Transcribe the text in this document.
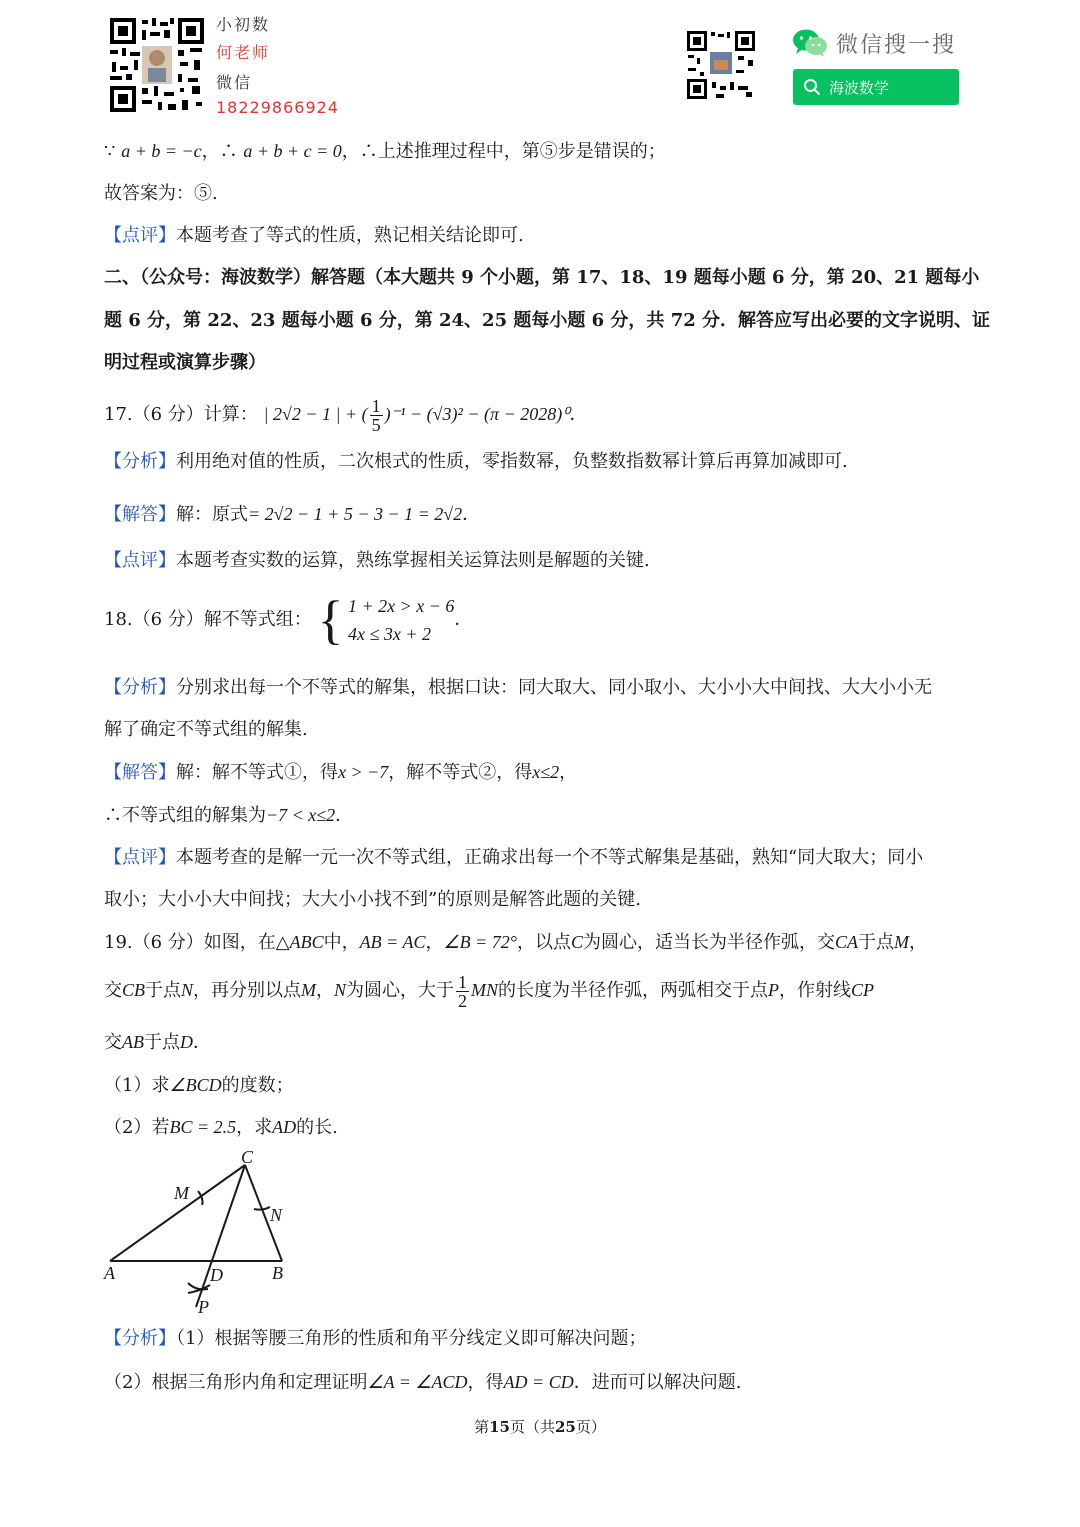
小初数
何老师
微信
18229866924
微信搜一搜
海波数学
∵ a + b = −c，∴ a + b + c = 0，∴上述推理过程中，第⑤步是错误的；
故答案为：⑤.
【点评】本题考查了等式的性质，熟记相关结论即可.
二、（公众号：海波数学）解答题（本大题共 9 个小题，第 17、18、19 题每小题 6 分，第 20、21 题每小
题 6 分，第 22、23 题每小题 6 分，第 24、25 题每小题 6 分，共 72 分．解答应写出必要的文字说明、证
明过程或演算步骤）
17.（6 分）计算： | 2√2 − 1 | + ( $\frac{1}{5} )^{-1} - (√3)^2 - (\pi - 2028)^0$．
【分析】利用绝对值的性质，二次根式的性质，零指数幂，负整数指数幂计算后再算加减即可.
【解答】解：原式= 2√2 − 1 + 5 − 3 − 1 = 2√2．
【点评】本题考查实数的运算，熟练掌握相关运算法则是解题的关键.
18.（6 分）解不等式组： { 1 + 2x > x − 6
4x ≤ 3x + 2
．
【分析】分别求出每一个不等式的解集，根据口诀：同大取大、同小取小、大小小大中间找、大大小小无
解了确定不等式组的解集.
【解答】解：解不等式①，得x > −7，解不等式②，得x≤2，
∴不等式组的解集为−7 < x≤2．
【点评】本题考查的是解一元一次不等式组，正确求出每一个不等式解集是基础，熟知“同大取大；同小
取小；大小小大中间找；大大小小找不到”的原则是解答此题的关键.
19.（6 分）如图，在△ABC中，AB = AC，∠B = 72°，以点C为圆心，适当长为半径作弧，交CA于点M，
交CB于点N，再分别以点M，N为圆心，大于 $\frac{1}{2}$ MN的长度为半径作弧，两弧相交于点P，作射线CP
交AB于点D．
（1）求∠BCD的度数；
（2）若BC = 2.5，求AD的长.
C
M
N
A	D	B
P
【分析】（1）根据等腰三角形的性质和角平分线定义即可解决问题；
（2）根据三角形内角和定理证明∠A = ∠ACD，得AD = CD．进而可以解决问题.
第15页（共25页）
